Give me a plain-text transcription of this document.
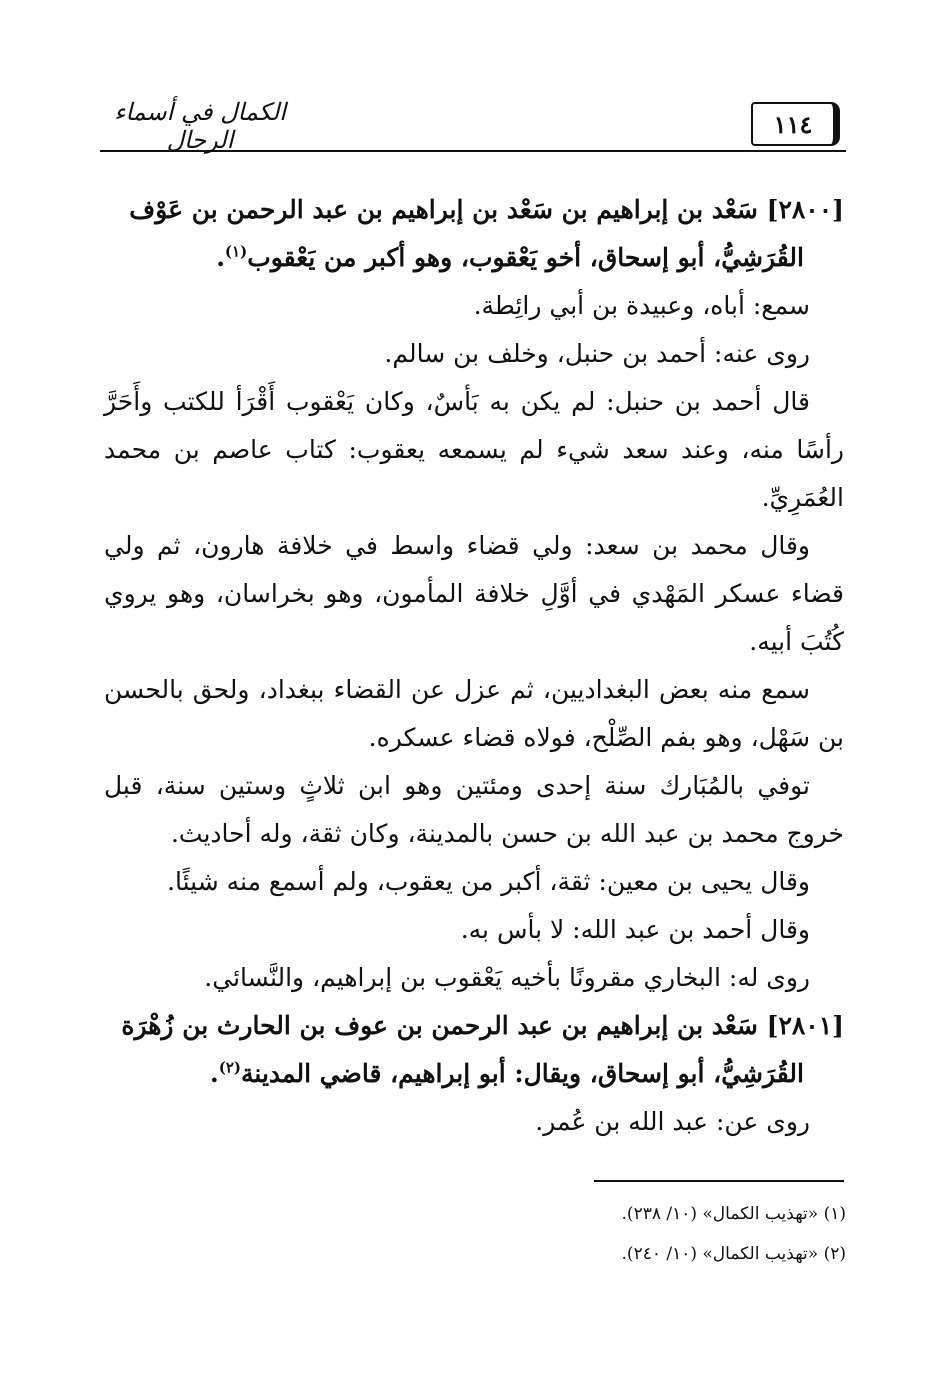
١١٤
الكمال في أسماء الرجال

[٢٨٠٠] سَعْد بن إبراهيم بن سَعْد بن إبراهيم بن عبد الرحمن بن عَوْف

القُرَشِيُّ، أبو إسحاق، أخو يَعْقوب، وهو أكبر من يَعْقوب$^{(١)}$.

سمع: أباه، وعبيدة بن أبي رائِطة.

روى عنه: أحمد بن حنبل، وخلف بن سالم.

قال أحمد بن حنبل: لم يكن به بَأسٌ، وكان يَعْقوب أَقْرَأ للكتب وأَحَرَّ رأسًا منه، وعند سعد شيء لم يسمعه يعقوب: كتاب عاصم بن محمد العُمَرِيِّ.

وقال محمد بن سعد: ولي قضاء واسط في خلافة هارون، ثم ولي قضاء عسكر المَهْدي في أوَّلِ خلافة المأمون، وهو بخراسان، وهو يروي كُتُبَ أبيه.

سمع منه بعض البغداديين، ثم عزل عن القضاء ببغداد، ولحق بالحسن بن سَهْل، وهو بفم الصِّلْح، فولاه قضاء عسكره.

توفي بالمُبَارك سنة إحدى ومئتين وهو ابن ثلاثٍ وستين سنة، قبل خروج محمد بن عبد الله بن حسن بالمدينة، وكان ثقة، وله أحاديث.

وقال يحيى بن معين: ثقة، أكبر من يعقوب، ولم أسمع منه شيئًا.

وقال أحمد بن عبد الله: لا بأس به.

روى له: البخاري مقرونًا بأخيه يَعْقوب بن إبراهيم، والنَّسائي.

[٢٨٠١] سَعْد بن إبراهيم بن عبد الرحمن بن عوف بن الحارث بن زُهْرَة

القُرَشِيُّ، أبو إسحاق، ويقال: أبو إبراهيم، قاضي المدينة$^{(٢)}$.

روى عن: عبد الله بن عُمر.

(١) «تهذيب الكمال» (١٠/ ٢٣٨).

(٢) «تهذيب الكمال» (١٠/ ٢٤٠).
